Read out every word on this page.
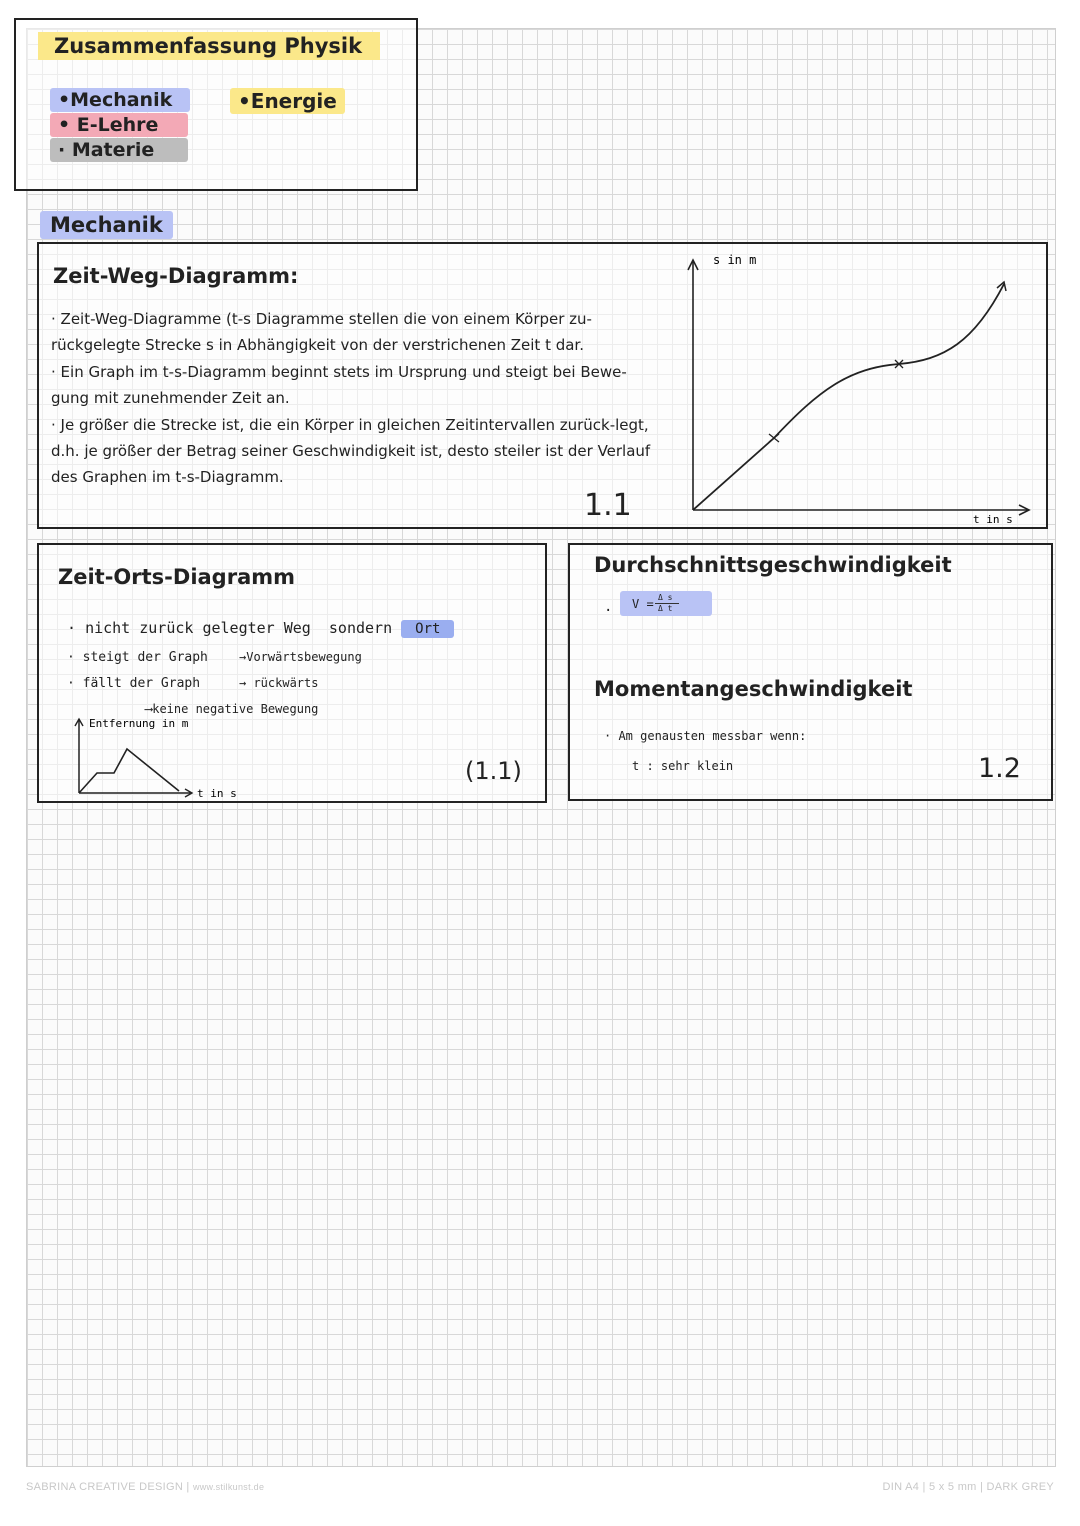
Zusammenfassung Physik
•Mechanik
• E-Lehre
· Materie
•Energie
Mechanik
Zeit-Weg-Diagramm:
· Zeit-Weg-Diagramme (t-s Diagramme stellen die von einem Körper zu-rückgelegte Strecke s in Abhängigkeit von der verstrichenen Zeit t dar.
· Ein Graph im t-s-Diagramm beginnt stets im Ursprung und steigt bei Bewe-gung mit zunehmender Zeit an.
· Je größer die Strecke ist, die ein Körper in gleichen Zeitintervallen zurück-legt, d.h. je größer der Betrag seiner Geschwindigkeit ist, desto steiler ist der Verlauf des Graphen im t-s-Diagramm.
1.1
s in m
t in s
Zeit-Orts-Diagramm
· nicht zurück gelegter Weg sondern Ort
· steigt der Graph	→Vorwärtsbewegung
· fällt der Graph	→ rückwärts
⟶keine negative Bewegung
Entfernung in m
t in s
(1.1)
Durchschnittsgeschwindigkeit
· V = Δ s
Δ t
Momentangeschwindigkeit
· Am genausten messbar wenn:
t : sehr klein	1.2
SABRINA CREATIVE DESIGN | www.stilkunst.de	DIN A4 | 5 x 5 mm | DARK GREY
